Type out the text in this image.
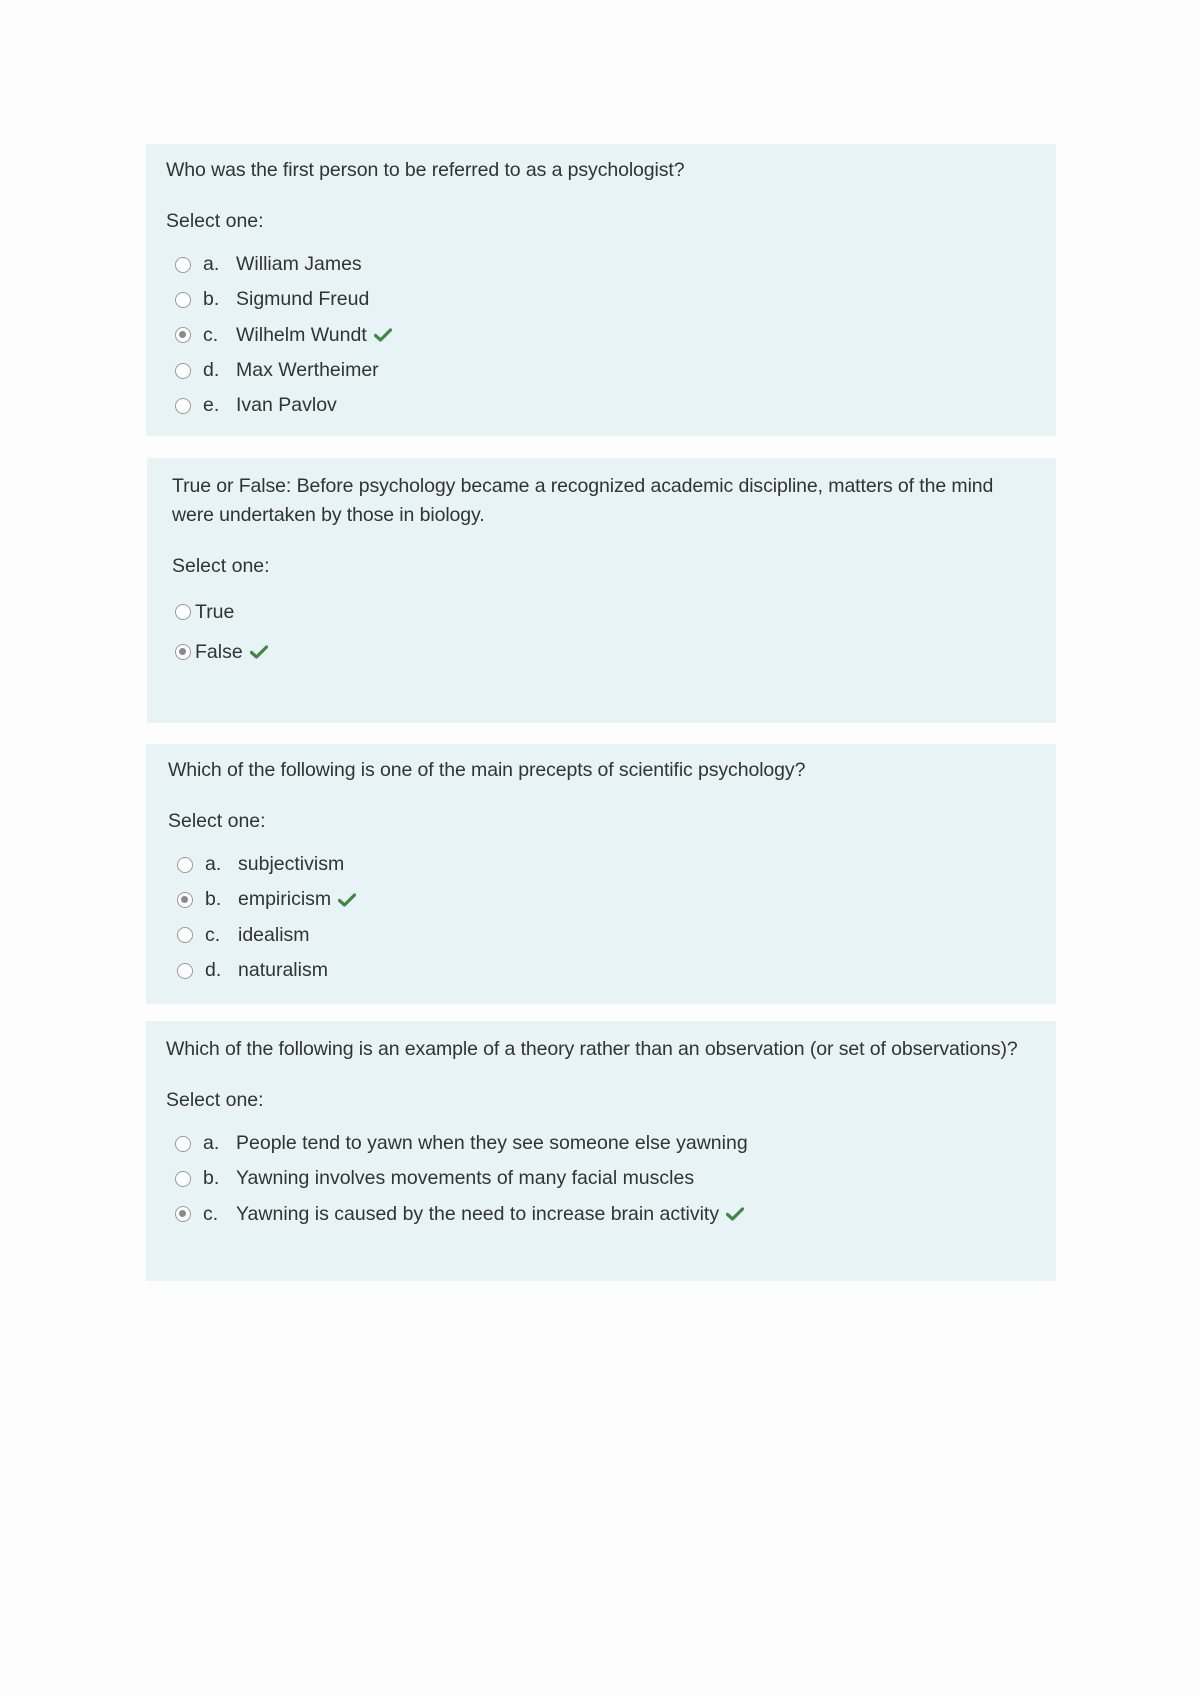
Who was the first person to be referred to as a psychologist?

Select one:
a. William James
b. Sigmund Freud
c. Wilhelm Wundt
d. Max Wertheimer
e. Ivan Pavlov

True or False: Before psychology became a recognized academic discipline, matters of the mind were undertaken by those in biology.

Select one:
True
False

Which of the following is one of the main precepts of scientific psychology?

Select one:
a. subjectivism
b. empiricism
c. idealism
d. naturalism

Which of the following is an example of a theory rather than an observation (or set of observations)?

Select one:
a. People tend to yawn when they see someone else yawning
b. Yawning involves movements of many facial muscles
c. Yawning is caused by the need to increase brain activity
